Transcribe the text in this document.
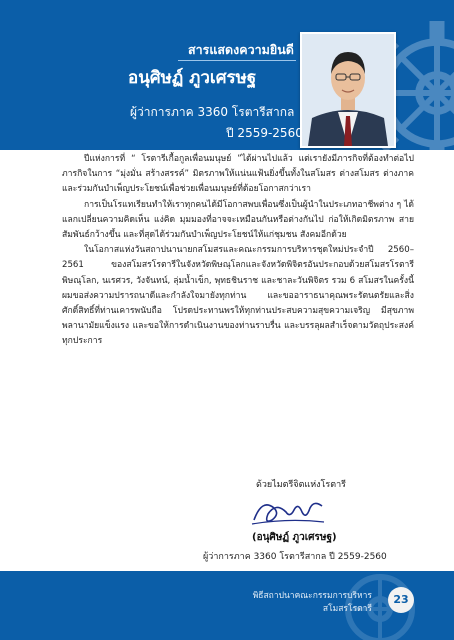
สารแสดงความยินดี
อนุศิษฏ์ ภูวเศรษฐ
ผู้ว่าการภาค 3360 โรตารีสากล
ปี 2559-2560

ปีแห่งการที่ “ โรตารีเกื้อกูลเพื่อนมนุษย์ ”ได้ผ่านไปแล้ว แต่เรายังมีภารกิจที่ต้องทำต่อไป ภารกิจในการ “มุ่งมั่น สร้างสรรค์” มิตรภาพให้แน่นแฟ้นยิ่งขึ้นทั้งในสโมสร ต่างสโมสร ต่างภาค และร่วมกันบำเพ็ญประโยชน์เพื่อช่วยเพื่อนมนุษย์ที่ด้อยโอกาสกว่าเรา

การเป็นโรแทเรียนทำให้เราทุกคนได้มีโอกาสพบเพื่อนซึ่งเป็นผู้นำในประเภทอาชีพต่าง ๆ ได้แลกเปลี่ยนความคิดเห็น แง่คิด มุมมองที่อาจจะเหมือนกันหรือต่างกันไป ก่อให้เกิดมิตรภาพ สายสัมพันธ์กว้างขึ้น และที่สุดได้ร่วมกันบำเพ็ญประโยชน์ให้แก่ชุมชน สังคมอีกด้วย

ในโอกาสแห่งวันสถาปนานายกสโมสรและคณะกรรมการบริหารชุดใหม่ประจำปี 2560–2561 ของสโมสรโรตารีในจังหวัดพิษณุโลกและจังหวัดพิจิตรอันประกอบด้วยสโมสรโรตารีพิษณุโลก, นเรศวร, วังจันทน์, ลุ่มน้ำเข็ก, พุทธชินราช และชาละวันพิจิตร รวม 6 สโมสรในครั้งนี้ ผมขอส่งความปรารถนาดีและกำลังใจมายังทุกท่าน และขออาราธนาคุณพระรัตนตรัยและสิ่งศักดิ์สิทธิ์ที่ท่านเคารพนับถือ โปรดประทานพรให้ทุกท่านประสบความสุขความเจริญ มีสุขภาพพลานามัยแข็งแรง และขอให้การดำเนินงานของท่านราบรื่น และบรรลุผลสำเร็จตามวัตถุประสงค์ทุกประการ

ด้วยไมตรีจิตแห่งโรตารี
(อนุศิษฏ์ ภูวเศรษฐ)
ผู้ว่าการภาค 3360 โรตารีสากล ปี 2559-2560
พิธีสถาปนาคณะกรรมการบริหาร
สโมสรโรตารี
23
